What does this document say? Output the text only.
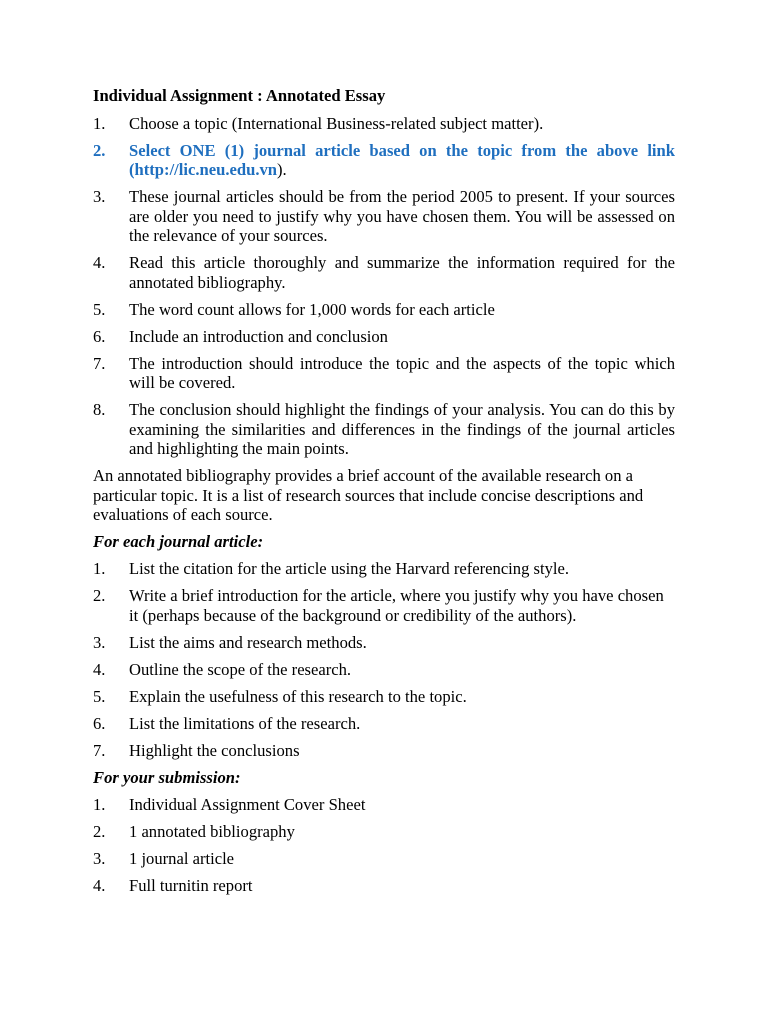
Individual Assignment : Annotated Essay
1.	Choose a topic (International Business-related subject matter).
2.	Select ONE (1) journal article based on the topic from the above link (http://lic.neu.edu.vn).
3.	These journal articles should be from the period 2005 to present. If your sources are older you need to justify why you have chosen them. You will be assessed on the relevance of your sources.
4.	Read this article thoroughly and summarize the information required for the annotated bibliography.
5.	The word count allows for 1,000 words for each article
6.	Include an introduction and conclusion
7.	The introduction should introduce the topic and the aspects of the topic which will be covered.
8.	The conclusion should highlight the findings of your analysis. You can do this by examining the similarities and differences in the findings of the journal articles and highlighting the main points.

An annotated bibliography provides a brief account of the available research on a particular topic. It is a list of research sources that include concise descriptions and evaluations of each source.

For each journal article:
1.	List the citation for the article using the Harvard referencing style.
2.	Write a brief introduction for the article, where you justify why you have chosen it (perhaps because of the background or credibility of the authors).
3.	List the aims and research methods.
4.	Outline the scope of the research.
5.	Explain the usefulness of this research to the topic.
6.	List the limitations of the research.
7.	Highlight the conclusions
For your submission:
1.	Individual Assignment Cover Sheet
2.	1 annotated bibliography
3.	1 journal article
4.	Full turnitin report
